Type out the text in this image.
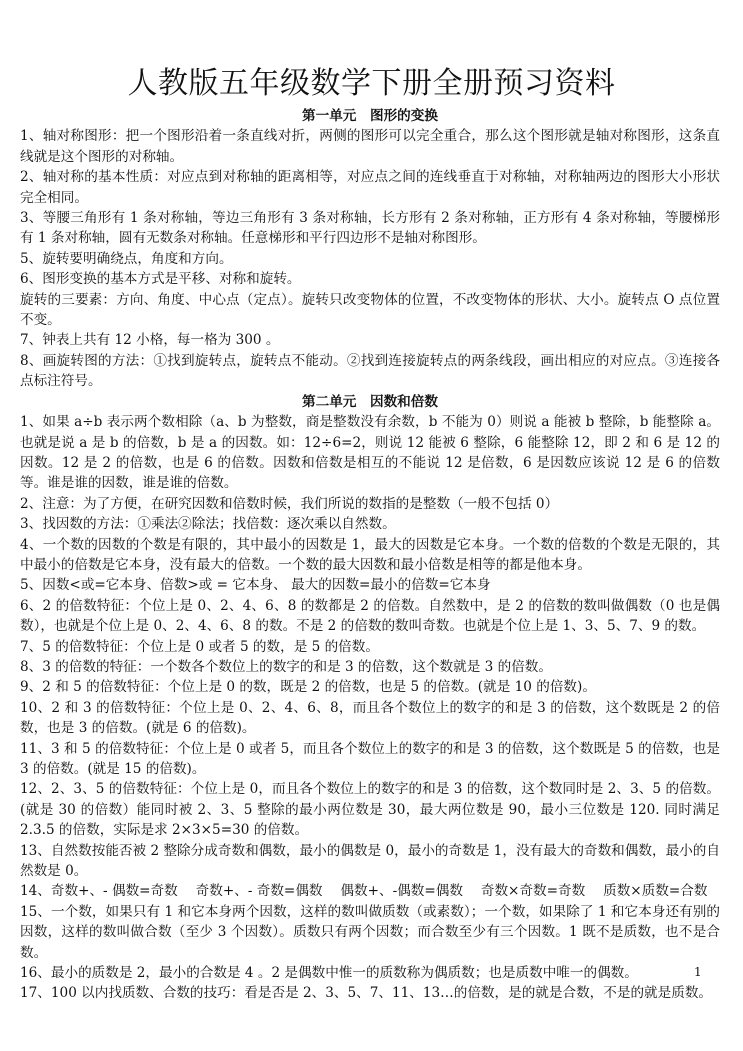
人教版五年级数学下册全册预习资料

第一单元　图形的变换

1、轴对称图形：把一个图形沿着一条直线对折，两侧的图形可以完全重合，那么这个图形就是轴对称图形，这条直线就是这个图形的对称轴。

2、轴对称的基本性质：对应点到对称轴的距离相等，对应点之间的连线垂直于对称轴，对称轴两边的图形大小形状完全相同。

3、等腰三角形有 1 条对称轴，等边三角形有 3 条对称轴，长方形有 2 条对称轴，正方形有 4 条对称轴，等腰梯形有 1 条对称轴，圆有无数条对称轴。任意梯形和平行四边形不是轴对称图形。

5、旋转要明确绕点，角度和方向。

6、图形变换的基本方式是平移、对称和旋转。

旋转的三要素：方向、角度、中心点（定点）。旋转只改变物体的位置，不改变物体的形状、大小。旋转点 O 点位置不变。

7、钟表上共有 12 小格，每一格为 300 。

8、画旋转图的方法：①找到旋转点，旋转点不能动。②找到连接旋转点的两条线段，画出相应的对应点。③连接各点标注符号。

第二单元　因数和倍数

1、如果 a÷b 表示两个数相除（a、b 为整数，商是整数没有余数，b 不能为 0）则说 a 能被 b 整除，b 能整除 a。也就是说 a 是 b 的倍数，b 是 a 的因数。如：12÷6=2，则说 12 能被 6 整除，6 能整除 12，即 2 和 6 是 12 的因数。12 是 2 的倍数，也是 6 的倍数。因数和倍数是相互的不能说 12 是倍数，6 是因数应该说 12 是 6 的倍数等。谁是谁的因数，谁是谁的倍数。

2、注意：为了方便，在研究因数和倍数时候，我们所说的数指的是整数（一般不包括 0）

3、找因数的方法：①乘法②除法；找倍数：逐次乘以自然数。

4、一个数的因数的个数是有限的，其中最小的因数是 1，最大的因数是它本身。一个数的倍数的个数是无限的，其中最小的倍数是它本身，没有最大的倍数。一个数的最大因数和最小倍数是相等的都是他本身。

5、因数<或=它本身、倍数>或 = 它本身、 最大的因数=最小的倍数=它本身

6、2 的倍数特征：个位上是 0、2、4、6、8 的数都是 2 的倍数。自然数中，是 2 的倍数的数叫做偶数（0 也是偶数），也就是个位上是 0、2、4、6、8 的数。不是 2 的倍数的数叫奇数。也就是个位上是 1、3、5、7、9 的数。

7、5 的倍数特征：个位上是 0 或者 5 的数，是 5 的倍数。

8、3 的倍数的特征：一个数各个数位上的数字的和是 3 的倍数，这个数就是 3 的倍数。

9、2 和 5 的倍数特征：个位上是 0 的数，既是 2 的倍数，也是 5 的倍数。(就是 10 的倍数)。

10、2 和 3 的倍数特征：个位上是 0、2、4、6、8，而且各个数位上的数字的和是 3 的倍数，这个数既是 2 的倍数，也是 3 的倍数。(就是 6 的倍数)。

11、3 和 5 的倍数特征：个位上是 0 或者 5，而且各个数位上的数字的和是 3 的倍数，这个数既是 5 的倍数，也是 3 的倍数。(就是 15 的倍数)。

12、2、3、5 的倍数特征：个位上是 0，而且各个数位上的数字的和是 3 的倍数，这个数同时是 2、3、5 的倍数。(就是 30 的倍数）能同时被 2、3、5 整除的最小两位数是 30，最大两位数是 90，最小三位数是 120. 同时满足 2.3.5 的倍数，实际是求 2×3×5=30 的倍数。

13、自然数按能否被 2 整除分成奇数和偶数，最小的偶数是 0，最小的奇数是 1，没有最大的奇数和偶数，最小的自然数是 0。

14、奇数+、- 偶数=奇数　 奇数+、- 奇数=偶数　 偶数+、-偶数=偶数　 奇数×奇数=奇数　 质数×质数=合数

15、一个数，如果只有 1 和它本身两个因数，这样的数叫做质数（或素数）；一个数，如果除了 1 和它本身还有别的因数，这样的数叫做合数（至少 3 个因数）。质数只有两个因数；而合数至少有三个因数。1 既不是质数，也不是合数。

16、最小的质数是 2，最小的合数是 4 。2 是偶数中惟一的质数称为偶质数；也是质数中唯一的偶数。

17、100 以内找质数、合数的技巧：看是否是 2、3、5、7、11、13…的倍数，是的就是合数，不是的就是质数。

1
